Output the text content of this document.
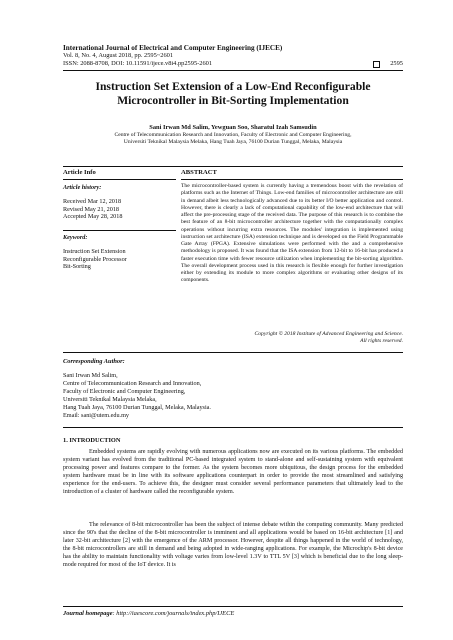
International Journal of Electrical and Computer Engineering (IJECE)
Vol. 8, No. 4, August 2018, pp. 2595~2601
ISSN: 2088-8708, DOI: 10.11591/ijece.v8i4.pp2595-2601	2595
Instruction Set Extension of a Low-End Reconfigurable
Microcontroller in Bit-Sorting Implementation
Sani Irwan Md Salim, Yewguan Soo, Sharatul Izah Samsudin
Centre of Telecommunication Research and Innovation, Faculty of Electronic and Computer Engineering,
Universiti Teknikal Malaysia Melaka, Hang Tuah Jaya, 76100 Durian Tunggal, Melaka, Malaysia
Article Info	ABSTRACT
Article history:
Received Mar 12, 2018
Revised May 21, 2018
Accepted May 28, 2018
Keyword:
Instruction Set Extension
Reconfigurable Processor
Bit-Sorting
The microcontroller-based system is currently having a tremendous boost with the revelation of platforms such as the Internet of Things. Low-end families of microcontroller architecture are still in demand albeit less technologically advanced due to its better I/O better application and control. However, there is clearly a lack of computational capability of the low-end architecture that will affect the pre-processing stage of the received data. The purpose of this research is to combine the best feature of an 8-bit microcontroller architecture together with the computationally complex operations without incurring extra resources. The modules' integration is implemented using instruction set architecture (ISA) extension technique and is developed on the Field Programmable Gate Array (FPGA). Extensive simulations were performed with the and a comprehensive methodology is proposed. It was found that the ISA extension from 12-bit to 16-bit has produced a faster execution time with fewer resource utilization when implementing the bit-sorting algorithm. The overall development process used in this research is flexible enough for further investigation either by extending its module to more complex algorithms or evaluating other designs of its components.
Copyright © 2018 Institute of Advanced Engineering and Science.
All rights reserved.
Corresponding Author:
Sani Irwan Md Salim,
Centre of Telecommunication Research and Innovation,
Faculty of Electronic and Computer Engineering,
Universiti Teknikal Malaysia Melaka,
Hang Tuah Jaya, 76100 Durian Tunggal, Melaka, Malaysia.
Email: sani@utem.edu.my
1. INTRODUCTION
Embedded systems are rapidly evolving with numerous applications now are executed on its various platforms. The embedded system variant has evolved from the traditional PC-based integrated system to stand-alone and self-sustaining system with equivalent processing power and features compare to the former. As the system becomes more ubiquitous, the design process for the embedded system hardware must be in line with its software applications counterpart in order to provide the most streamlined and satisfying experience for the end-users. To achieve this, the designer must consider several performance parameters that ultimately lead to the introduction of a cluster of hardware called the reconfigurable system.
The relevance of 8-bit microcontroller has been the subject of intense debate within the computing community. Many predicted since the 90's that the decline of the 8-bit microcontroller is imminent and all applications would be based on 16-bit architecture [1] and later 32-bit architecture [2] with the emergence of the ARM processor. However, despite all things happened in the world of technology, the 8-bit microcontrollers are still in demand and being adopted in wide-ranging applications. For example, the Microchip's 8-bit device has the ability to maintain functionality with voltage varies from low-level 1.3V to TTL 5V [3] which is beneficial due to the long sleep-mode required for most of the IoT device. It is
Journal homepage: http://iaescore.com/journals/index.php/IJECE
